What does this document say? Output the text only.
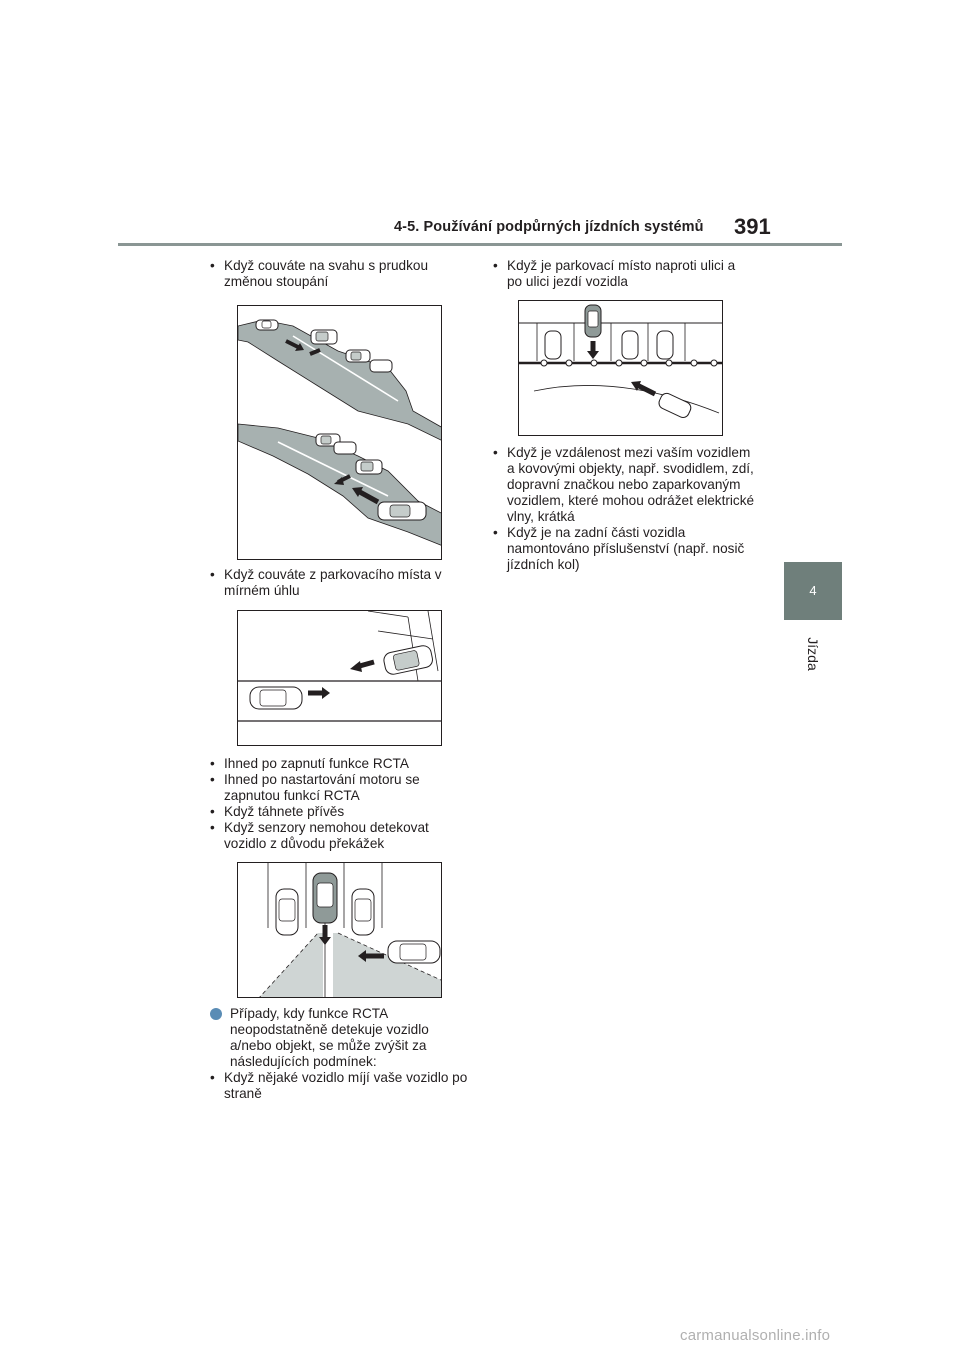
4-5. Používání podpůrných jízdních systémů 391
4
Jízda
• Když couváte na svahu s prudkou změnou stoupání
• Když couváte z parkovacího místa v mírném úhlu
• Ihned po zapnutí funkce RCTA
• Ihned po nastartování motoru se zapnutou funkcí RCTA
• Když táhnete přívěs
• Když senzory nemohou detekovat vozidlo z důvodu překážek
Případy, kdy funkce RCTA neopodstatněně detekuje vozidlo a/nebo objekt, se může zvýšit za následujících podmínek:
• Když nějaké vozidlo míjí vaše vozidlo po straně
• Když je parkovací místo naproti ulici a po ulici jezdí vozidla
• Když je vzdálenost mezi vaším vozidlem a kovovými objekty, např. svodidlem, zdí, dopravní značkou nebo zaparkovaným vozidlem, které mohou odrážet elektrické vlny, krátká
• Když je na zadní části vozidla namontováno příslušenství (např. nosič jízdních kol)
carmanualsonline.info
